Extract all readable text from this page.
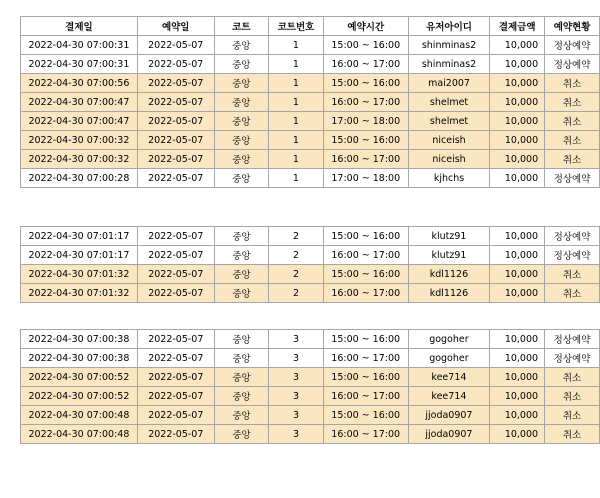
결제일	예약일	코트	코트번호	예약시간	유저아이디	결제금액	예약현황
2022-04-30 07:00:31	2022-05-07	중앙	1	15:00 ~ 16:00	shinminas2	10,000	정상예약
2022-04-30 07:00:31	2022-05-07	중앙	1	16:00 ~ 17:00	shinminas2	10,000	정상예약
2022-04-30 07:00:56	2022-05-07	중앙	1	15:00 ~ 16:00	mai2007	10,000	취소
2022-04-30 07:00:47	2022-05-07	중앙	1	16:00 ~ 17:00	shelmet	10,000	취소
2022-04-30 07:00:47	2022-05-07	중앙	1	17:00 ~ 18:00	shelmet	10,000	취소
2022-04-30 07:00:32	2022-05-07	중앙	1	15:00 ~ 16:00	niceish	10,000	취소
2022-04-30 07:00:32	2022-05-07	중앙	1	16:00 ~ 17:00	niceish	10,000	취소
2022-04-30 07:00:28	2022-05-07	중앙	1	17:00 ~ 18:00	kjhchs	10,000	정상예약
2022-04-30 07:01:17	2022-05-07	중앙	2	15:00 ~ 16:00	klutz91	10,000	정상예약
2022-04-30 07:01:17	2022-05-07	중앙	2	16:00 ~ 17:00	klutz91	10,000	정상예약
2022-04-30 07:01:32	2022-05-07	중앙	2	15:00 ~ 16:00	kdl1126	10,000	취소
2022-04-30 07:01:32	2022-05-07	중앙	2	16:00 ~ 17:00	kdl1126	10,000	취소
2022-04-30 07:00:38	2022-05-07	중앙	3	15:00 ~ 16:00	gogoher	10,000	정상예약
2022-04-30 07:00:38	2022-05-07	중앙	3	16:00 ~ 17:00	gogoher	10,000	정상예약
2022-04-30 07:00:52	2022-05-07	중앙	3	15:00 ~ 16:00	kee714	10,000	취소
2022-04-30 07:00:52	2022-05-07	중앙	3	16:00 ~ 17:00	kee714	10,000	취소
2022-04-30 07:00:48	2022-05-07	중앙	3	15:00 ~ 16:00	jjoda0907	10,000	취소
2022-04-30 07:00:48	2022-05-07	중앙	3	16:00 ~ 17:00	jjoda0907	10,000	취소
